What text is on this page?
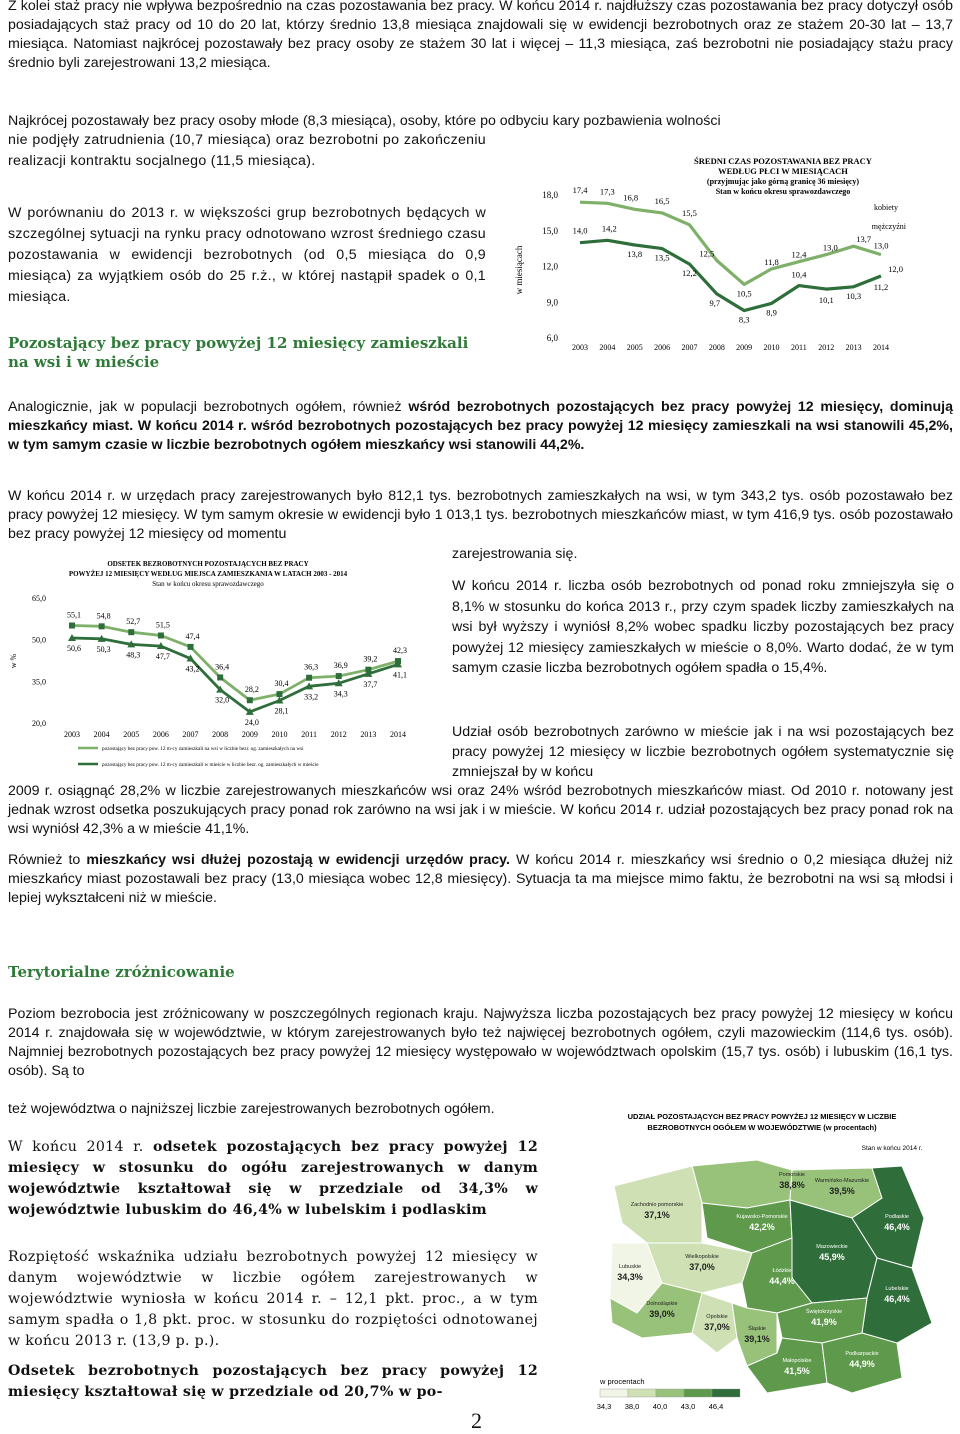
Z kolei staż pracy nie wpływa bezpośrednio na czas pozostawania bez pracy. W końcu 2014 r. najdłuższy czas pozostawania bez pracy dotyczył osób posiadających staż pracy od 10 do 20 lat, którzy średnio 13,8 miesiąca znajdowali się w ewidencji bezrobotnych oraz ze stażem 20-30 lat – 13,7 miesiąca. Natomiast najkrócej pozostawały bez pracy osoby ze stażem 30 lat i więcej – 11,3 miesiąca, zaś bezrobotni nie posiadający stażu pracy średnio byli zarejestrowani 13,2 miesiąca.

Najkrócej pozostawały bez pracy osoby młode (8,3 miesiąca), osoby, które po odbyciu kary pozbawienia wolności

nie podjęły zatrudnienia (10,7 miesiąca) oraz bezrobotni po zakończeniu realizacji kontraktu socjalnego (11,5 miesiąca).

W porównaniu do 2013 r. w większości grup bezrobotnych będących w szczególnej sytuacji na rynku pracy odnotowano wzrost średniego czasu pozostawania w ewidencji bezrobotnych (od 0,5 miesiąca do 0,9 miesiąca) za wyjątkiem osób do 25 r.ż., w której nastąpił spadek o 0,1 miesiąca.

Pozostający bez pracy powyżej 12 miesięcy zamieszkali na wsi i w mieście

ŚREDNI CZAS POZOSTAWANIA BEZ PRACY
WEDŁUG PŁCI W MIESIĄCACH
(przyjmując jako górną granicę 36 miesięcy)
Stan w końcu okresu sprawozdawczego
w miesiącach
6,0
9,0
12,0
15,0
18,0
2003 2004 2005 2006 2007 2008 2009 2010 2011 2012 2013 2014
17,4 17,3
16,8 16,5
15,5
12,5
10,5
11,8
12,4
13,0
13,7
13,0
14,0 14,2
13,8 13,5
12,2
9,7
8,3
8,9
10,4
10,1 10,3
11,2
12,0
kobiety
mężczyźni

Analogicznie, jak w populacji bezrobotnych ogółem, również wśród bezrobotnych pozostających bez pracy powyżej 12 miesięcy, dominują mieszkańcy miast. W końcu 2014 r. wśród bezrobotnych pozostających bez pracy powyżej 12 miesięcy zamieszkali na wsi stanowili 45,2%, w tym samym czasie w liczbie bezrobotnych ogółem mieszkańcy wsi stanowili 44,2%.

W końcu 2014 r. w urzędach pracy zarejestrowanych było 812,1 tys. bezrobotnych zamieszkałych na wsi, w tym 343,2 tys. osób pozostawało bez pracy powyżej 12 miesięcy. W tym samym okresie w ewidencji było 1 013,1 tys. bezrobotnych mieszkańców miast, w tym 416,9 tys. osób pozostawało bez pracy powyżej 12 miesięcy od momentu

zarejestrowania się.

ODSETEK BEZROBOTNYCH POZOSTAJĄCYCH BEZ PRACY
POWYŻEJ 12 MIESIĘCY WEDŁUG MIEJSCA ZAMIESZKANIA W LATACH 2003 - 2014
Stan w końcu okresu sprawozdawczego
w %
20,0
35,0
50,0
65,0
2003 2004 2005 2006 2007 2008 2009 2010 2011 2012 2013 2014
55,1 54,8
52,7 51,5
47,4
36,4
28,2
30,4
36,3 36,9
39,2
42,3
50,6 50,3
48,3 47,7
43,2
32,0
24,0
28,1
33,2 34,3
37,7
41,1
pozostający bez pracy pow. 12 m-cy zamieszkali na wsi w liczbie bezr. og. zamieszkałych na wsi
pozostający bez pracy pow. 12 m-cy zamieszkali w mieście w liczbie bezr. og. zamieszkałych w mieście

W końcu 2014 r. liczba osób bezrobotnych od ponad roku zmniejszyła się o 8,1% w stosunku do końca 2013 r., przy czym spadek liczby zamieszkałych na wsi był wyższy i wyniósł 8,2% wobec spadku liczby pozostających bez pracy powyżej 12 miesięcy zamieszkałych w mieście o 8,0%. Warto dodać, że w tym samym czasie liczba bezrobotnych ogółem spadła o 15,4%.

Udział osób bezrobotnych zarówno w mieście jak i na wsi pozostających bez pracy powyżej 12 miesięcy w liczbie bezrobotnych ogółem systematycznie się zmniejszał by w końcu

2009 r. osiągnąć 28,2% w liczbie zarejestrowanych mieszkańców wsi oraz 24% wśród bezrobotnych mieszkańców miast. Od 2010 r. notowany jest jednak wzrost odsetka poszukujących pracy ponad rok zarówno na wsi jak i w mieście. W końcu 2014 r. udział pozostających bez pracy ponad rok na wsi wyniósł 42,3% a w mieście 41,1%.

Również to mieszkańcy wsi dłużej pozostają w ewidencji urzędów pracy. W końcu 2014 r. mieszkańcy wsi średnio o 0,2 miesiąca dłużej niż mieszkańcy miast pozostawali bez pracy (13,0 miesiąca wobec 12,8 miesięcy). Sytuacja ta ma miejsce mimo faktu, że bezrobotni na wsi są młodsi i lepiej wykształceni niż w mieście.

Terytorialne zróżnicowanie

Poziom bezrobocia jest zróżnicowany w poszczególnych regionach kraju. Najwyższa liczba pozostających bez pracy powyżej 12 miesięcy w końcu 2014 r. znajdowała się w województwie, w którym zarejestrowanych było też najwięcej bezrobotnych ogółem, czyli mazowieckim (114,6 tys. osób). Najmniej bezrobotnych pozostających bez pracy powyżej 12 miesięcy występowało w województwach opolskim (15,7 tys. osób) i lubuskim (16,1 tys. osób). Są to

też województwa o najniższej liczbie zarejestrowanych bezrobotnych ogółem.

W końcu 2014 r. odsetek pozostających bez pracy powyżej 12 miesięcy w stosunku do ogółu zarejestrowanych w danym województwie kształtował się w przedziale od 34,3% w województwie lubuskim do 46,4% w lubelskim i podlaskim

Rozpiętość wskaźnika udziału bezrobotnych powyżej 12 miesięcy w danym województwie w liczbie ogółem zarejestrowanych w województwie wyniosła w końcu 2014 r. – 12,1 pkt. proc., a w tym samym spadła o 1,8 pkt. proc. w stosunku do rozpiętości odnotowanej w końcu 2013 r. (13,9 p. p.).

Odsetek bezrobotnych pozostających bez pracy powyżej 12 miesięcy kształtował się w przedziale od 20,7% w po-

UDZIAŁ POZOSTAJĄCYCH BEZ PRACY POWYŻEJ 12 MIESIĘCY W LICZBIE
BEZROBOTNYCH OGÓŁEM W WOJEWÓDZTWIE (w procentach)
Stan w końcu 2014 r.
Pomorskie
38,8% Warmińsko-Mazurskie
39,5%
Podlaskie
46,4%
Zachodnio pomorskie
37,1%	Kujawsko-Pomorskie
42,2%
Mazowieckie
45,9%
Lubuskie
34,3%
Wielkopolskie
37,0%	Łódzkie
44,4%
Lubelskie
46,4%
Dolnośląskie
39,0%	Opolskie
37,0%	Śląskie
39,1%
Świętokrzyskie
41,9%
Małopolskie
41,5%
Podkarpackie
44,9%
w procentach
34,3 38,0 40,0 43,0 46,4
2
